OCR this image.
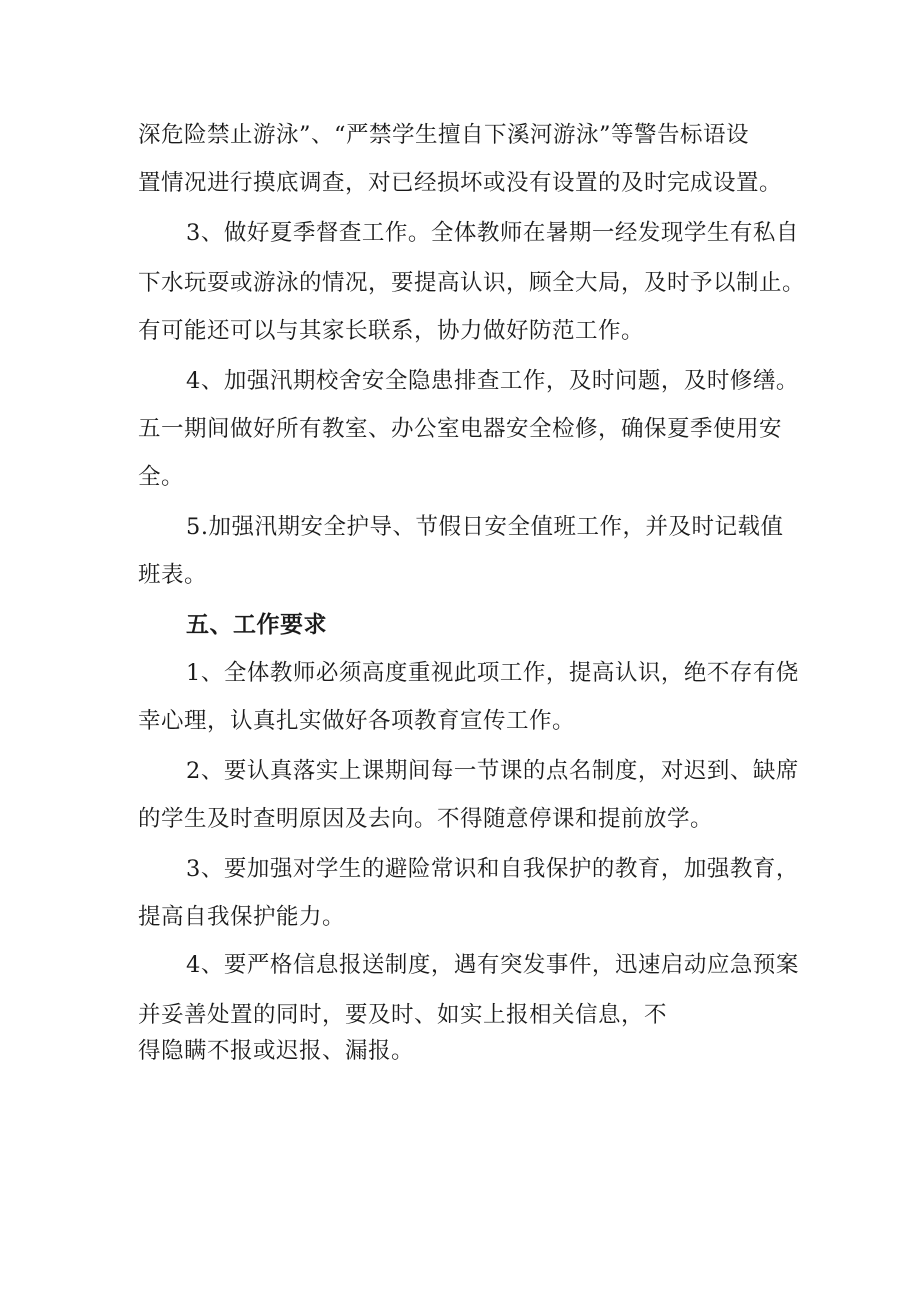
深危险禁止游泳”、“严禁学生擅自下溪河游泳”等警告标语设
置情况进行摸底调查，对已经损坏或没有设置的及时完成设置。
3、做好夏季督查工作。全体教师在暑期一经发现学生有私自
下水玩耍或游泳的情况，要提高认识，顾全大局，及时予以制止。
有可能还可以与其家长联系，协力做好防范工作。
4、加强汛期校舍安全隐患排查工作，及时问题，及时修缮。
五一期间做好所有教室、办公室电器安全检修，确保夏季使用安
全。
5.加强汛期安全护导、节假日安全值班工作，并及时记载值
班表。
五、工作要求
1、全体教师必须高度重视此项工作，提高认识，绝不存有侥
幸心理，认真扎实做好各项教育宣传工作。
2、要认真落实上课期间每一节课的点名制度，对迟到、缺席
的学生及时查明原因及去向。不得随意停课和提前放学。
3、要加强对学生的避险常识和自我保护的教育，加强教育，
提高自我保护能力。
4、要严格信息报送制度，遇有突发事件，迅速启动应急预案
并妥善处置的同时，要及时、如实上报相关信息，不
得隐瞒不报或迟报、漏报。
